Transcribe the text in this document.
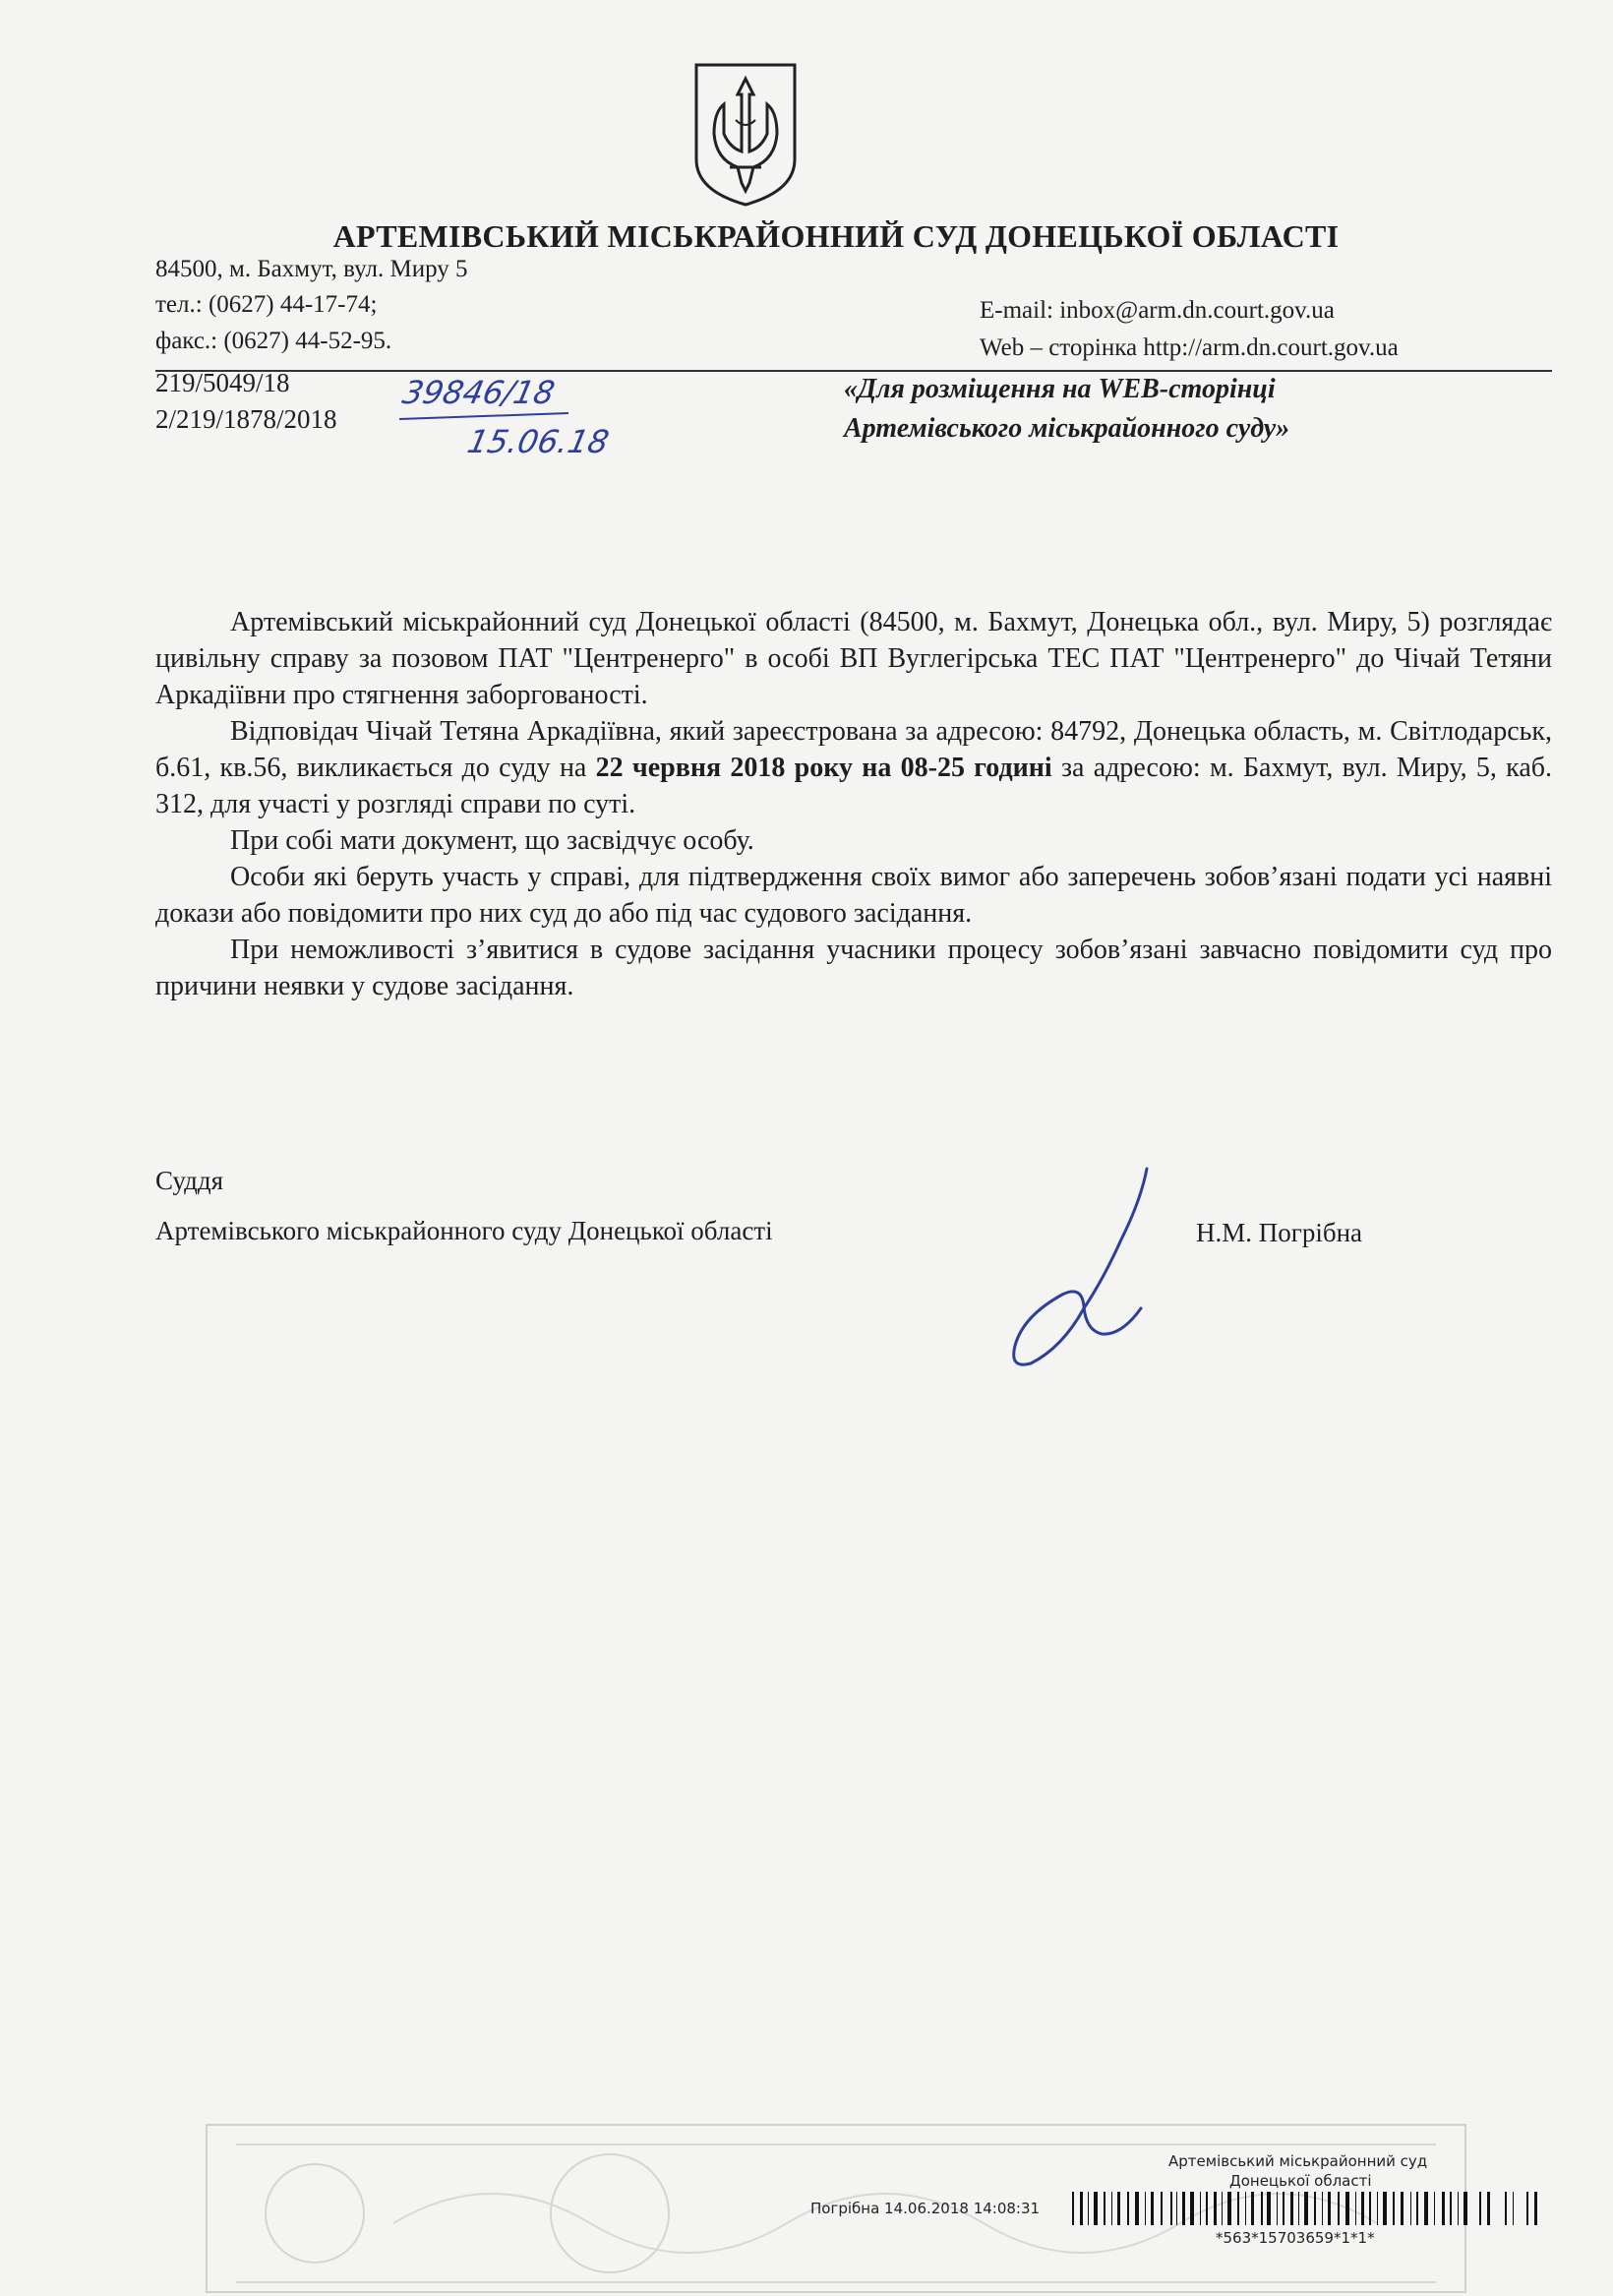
АРТЕМІВСЬКИЙ МІСЬКРАЙОННИЙ СУД ДОНЕЦЬКОЇ ОБЛАСТІ
84500, м. Бахмут, вул. Миру 5
тел.: (0627) 44-17-74;
факс.: (0627) 44-52-95.
E-mail: inbox@arm.dn.court.gov.ua
Web – сторінка http://arm.dn.court.gov.ua
219/5049/18
2/219/1878/2018
39846/18
15.06.18
«Для розміщення на WEB-сторінці
Артемівського міськрайонного суду»

Артемівський міськрайонний суд Донецької області (84500, м. Бахмут, Донецька обл., вул. Миру, 5) розглядає цивільну справу за позовом ПАТ "Центренерго" в особі ВП Вуглегірська ТЕС ПАТ "Центренерго" до Чічай Тетяни Аркадіївни про стягнення заборгованості.

Відповідач Чічай Тетяна Аркадіївна, який зареєстрована за адресою: 84792, Донецька область, м. Світлодарськ, б.61, кв.56, викликається до суду на 22 червня 2018 року на 08-25 годині за адресою: м. Бахмут, вул. Миру, 5, каб. 312, для участі у розгляді справи по суті.

При собі мати документ, що засвідчує особу.

Особи які беруть участь у справі, для підтвердження своїх вимог або заперечень зобов’язані подати усі наявні докази або повідомити про них суд до або під час судового засідання.

При неможливості з’явитися в судове засідання учасники процесу зобов’язані завчасно повідомити суд про причини неявки у судове засідання.

Суддя
Артемівського міськрайонного суду Донецької області	Н.М. Погрібна
Артемівський міськрайонний суд
Донецької області
Погрібна 14.06.2018 14:08:31
*563*15703659*1*1*
